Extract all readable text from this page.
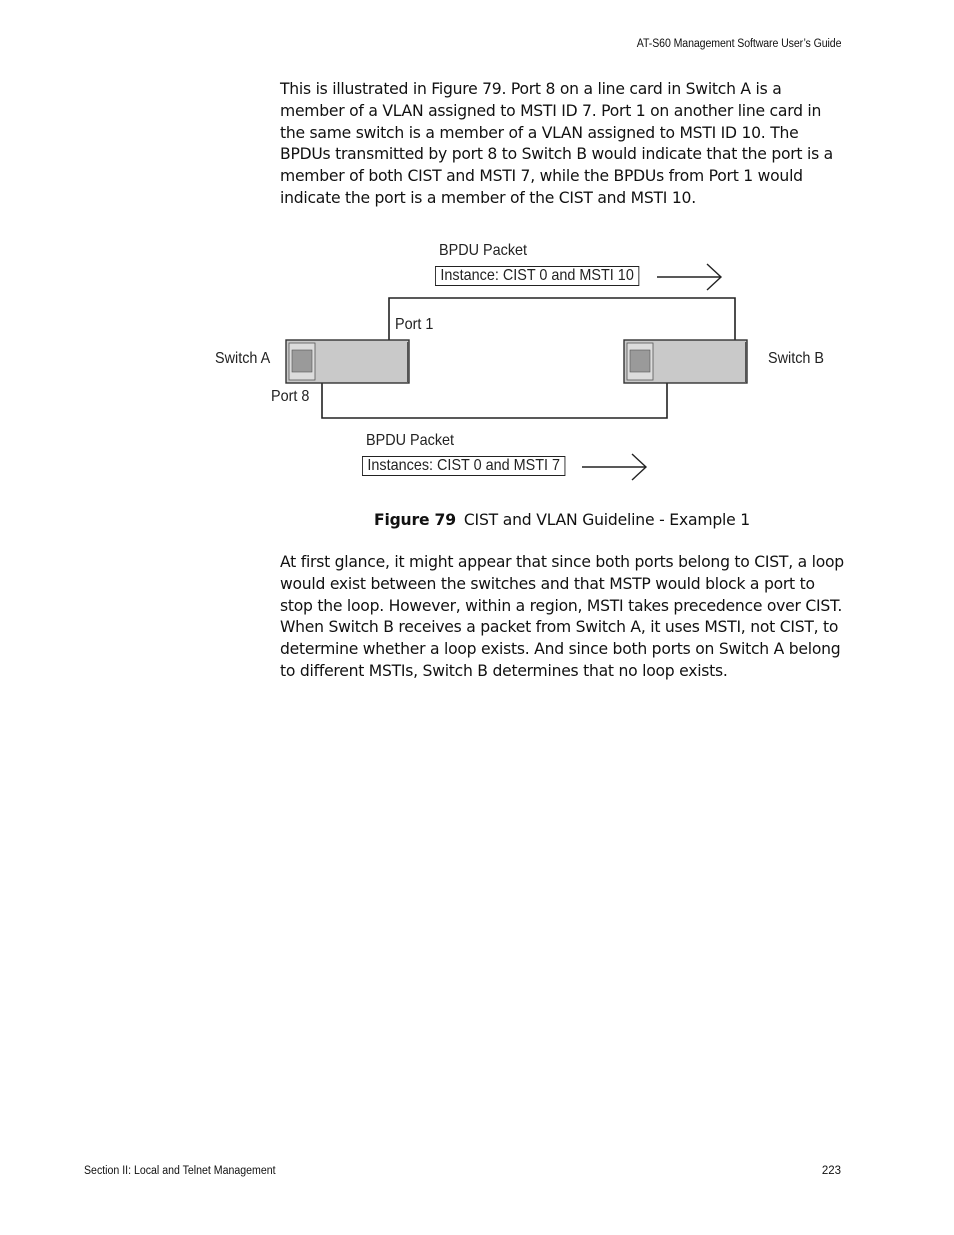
AT-S60 Management Software User’s Guide

This is illustrated in Figure 79. Port 8 on a line card in Switch A is a member of a VLAN assigned to MSTI ID 7. Port 1 on another line card in the same switch is a member of a VLAN assigned to MSTI ID 10. The BPDUs transmitted by port 8 to Switch B would indicate that the port is a member of both CIST and MSTI 7, while the BPDUs from Port 1 would indicate the port is a member of the CIST and MSTI 10.

BPDU Packet
Instance: CIST 0 and MSTI 10
Port 1
Switch A	Switch B
Port 8
BPDU Packet
Instances: CIST 0 and MSTI 7
Figure 79 CIST and VLAN Guideline - Example 1

At first glance, it might appear that since both ports belong to CIST, a loop would exist between the switches and that MSTP would block a port to stop the loop. However, within a region, MSTI takes precedence over CIST. When Switch B receives a packet from Switch A, it uses MSTI, not CIST, to determine whether a loop exists. And since both ports on Switch A belong to different MSTIs, Switch B determines that no loop exists.

Section II: Local and Telnet Management	223
